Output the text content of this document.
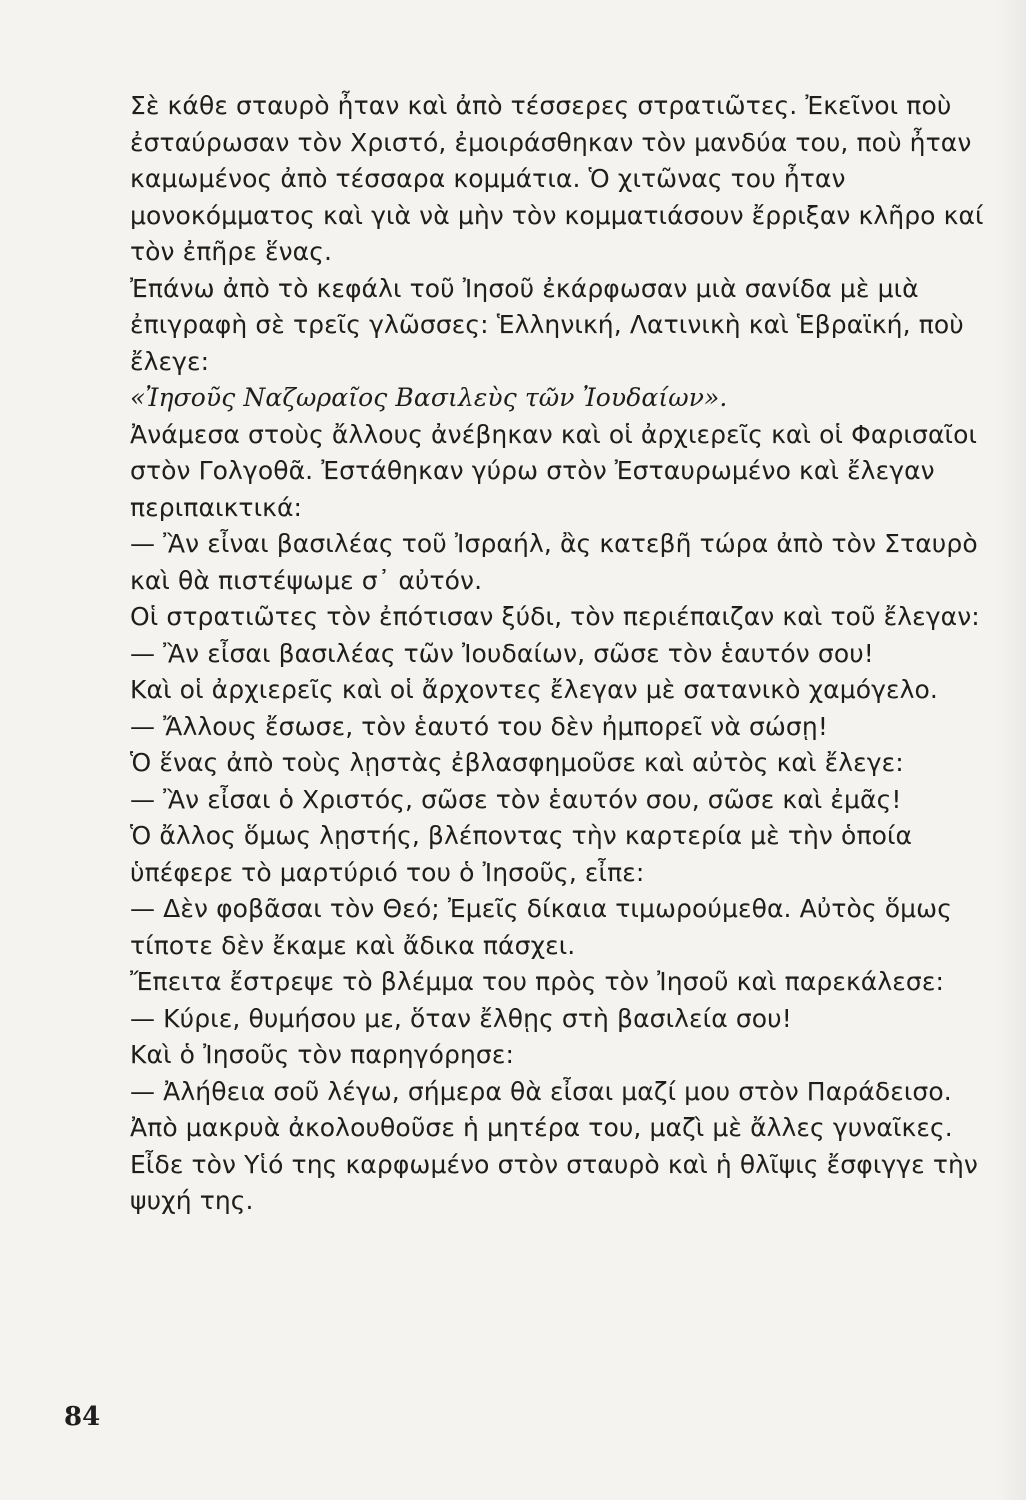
Σὲ κάθε σταυρὸ ἦταν καὶ ἀπὸ τέσσερες στρατιῶτες. Ἐκεῖνοι ποὺ ἐσταύρωσαν τὸν Χριστό, ἐμοιράσθηκαν τὸν μανδύα του, ποὺ ἦταν καμωμένος ἀπὸ τέσσαρα κομμάτια. Ὁ χιτῶνας του ἦταν μονοκόμματος καὶ γιὰ νὰ μὴν τὸν κομματιάσουν ἔρριξαν κλῆρο καί τὸν ἐπῆρε ἕνας.

Ἐπάνω ἀπὸ τὸ κεφάλι τοῦ Ἰησοῦ ἐκάρφωσαν μιὰ σανίδα μὲ μιὰ ἐπιγραφὴ σὲ τρεῖς γλῶσσες: Ἑλληνική, Λατινικὴ καὶ Ἑβραϊκή, ποὺ ἔλεγε:

«Ἰησοῦς Ναζωραῖος Βασιλεὺς τῶν Ἰουδαίων».

Ἀνάμεσα στοὺς ἄλλους ἀνέβηκαν καὶ οἱ ἀρχιερεῖς καὶ οἱ Φαρισαῖοι στὸν Γολγοθᾶ. Ἐστάθηκαν γύρω στὸν Ἐσταυρωμένο καὶ ἔλεγαν περιπαικτικά:

— Ἂν εἶναι βασιλέας τοῦ Ἰσραήλ, ἂς κατεβῆ τώρα ἀπὸ τὸν Σταυρὸ καὶ θὰ πιστέψωμε σ᾽ αὐτόν.

Οἱ στρατιῶτες τὸν ἐπότισαν ξύδι, τὸν περιέπαιζαν καὶ τοῦ ἔλεγαν:

— Ἂν εἶσαι βασιλέας τῶν Ἰουδαίων, σῶσε τὸν ἑαυτόν σου!

Καὶ οἱ ἀρχιερεῖς καὶ οἱ ἄρχοντες ἔλεγαν μὲ σατανικὸ χαμόγελο.

— Ἄλλους ἔσωσε, τὸν ἑαυτό του δὲν ἠμπορεῖ νὰ σώσῃ!

Ὁ ἕνας ἀπὸ τοὺς λῃστὰς ἐβλασφημοῦσε καὶ αὐτὸς καὶ ἔλεγε:

— Ἂν εἶσαι ὁ Χριστός, σῶσε τὸν ἑαυτόν σου, σῶσε καὶ ἐμᾶς!

Ὁ ἄλλος ὅμως λῃστής, βλέποντας τὴν καρτερία μὲ τὴν ὁποία ὑπέφερε τὸ μαρτύριό του ὁ Ἰησοῦς, εἶπε:

— Δὲν φοβᾶσαι τὸν Θεό; Ἐμεῖς δίκαια τιμωρούμεθα. Αὐτὸς ὅμως τίποτε δὲν ἔκαμε καὶ ἄδικα πάσχει.

Ἔπειτα ἔστρεψε τὸ βλέμμα του πρὸς τὸν Ἰησοῦ καὶ παρεκάλεσε:

— Κύριε, θυμήσου με, ὅταν ἔλθῃς στὴ βασιλεία σου!

Καὶ ὁ Ἰησοῦς τὸν παρηγόρησε:

— Ἀλήθεια σοῦ λέγω, σήμερα θὰ εἶσαι μαζί μου στὸν Παράδεισο.

Ἀπὸ μακρυὰ ἀκολουθοῦσε ἡ μητέρα του, μαζὶ μὲ ἄλλες γυναῖκες. Εἶδε τὸν Υἱό της καρφωμένο στὸν σταυρὸ καὶ ἡ θλῖψις ἔσφιγγε τὴν ψυχή της.

84
